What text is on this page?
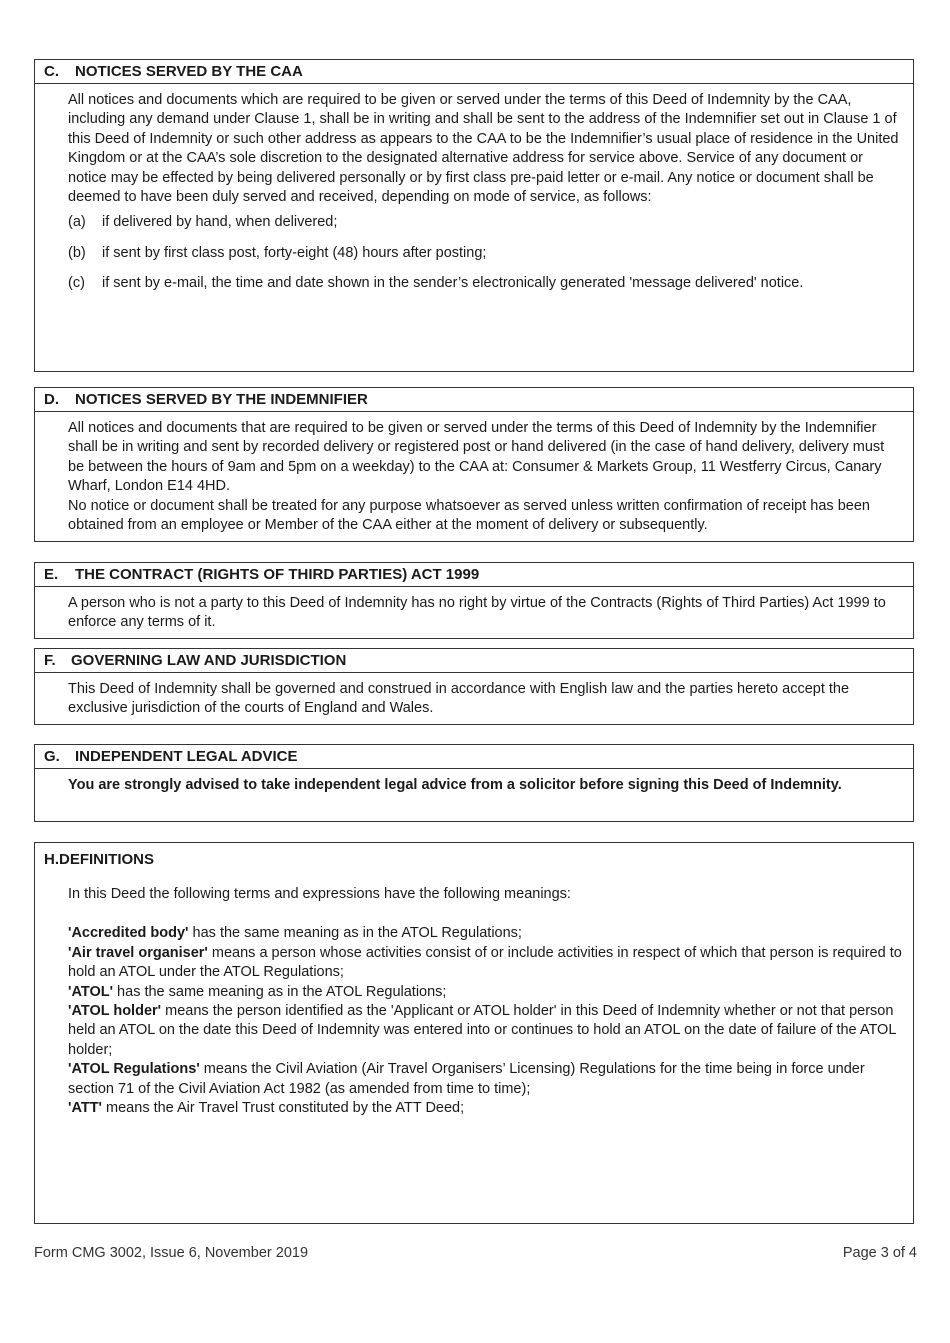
C. NOTICES SERVED BY THE CAA

All notices and documents which are required to be given or served under the terms of this Deed of Indemnity by the CAA, including any demand under Clause 1, shall be in writing and shall be sent to the address of the Indemnifier set out in Clause 1 of this Deed of Indemnity or such other address as appears to the CAA to be the Indemnifier’s usual place of residence in the United Kingdom or at the CAA’s sole discretion to the designated alternative address for service above. Service of any document or notice may be effected by being delivered personally or by first class pre-paid letter or e-mail. Any notice or document shall be deemed to have been duly served and received, depending on mode of service, as follows:

(a)	if delivered by hand, when delivered;
(b)	if sent by first class post, forty-eight (48) hours after posting;
(c)	if sent by e-mail, the time and date shown in the sender’s electronically generated 'message delivered' notice.
D. NOTICES SERVED BY THE INDEMNIFIER

All notices and documents that are required to be given or served under the terms of this Deed of Indemnity by the Indemnifier shall be in writing and sent by recorded delivery or registered post or hand delivered (in the case of hand delivery, delivery must be between the hours of 9am and 5pm on a weekday) to the CAA at: Consumer & Markets Group, 11 Westferry Circus, Canary Wharf, London E14 4HD.

No notice or document shall be treated for any purpose whatsoever as served unless written confirmation of receipt has been obtained from an employee or Member of the CAA either at the moment of delivery or subsequently.

E. THE CONTRACT (RIGHTS OF THIRD PARTIES) ACT 1999

A person who is not a party to this Deed of Indemnity has no right by virtue of the Contracts (Rights of Third Parties) Act 1999 to enforce any terms of it.

F. GOVERNING LAW AND JURISDICTION

This Deed of Indemnity shall be governed and construed in accordance with English law and the parties hereto accept the exclusive jurisdiction of the courts of England and Wales.

G. INDEPENDENT LEGAL ADVICE

You are strongly advised to take independent legal advice from a solicitor before signing this Deed of Indemnity.

H.DEFINITIONS

In this Deed the following terms and expressions have the following meanings:

'Accredited body' has the same meaning as in the ATOL Regulations;

'Air travel organiser' means a person whose activities consist of or include activities in respect of which that person is required to hold an ATOL under the ATOL Regulations;

'ATOL' has the same meaning as in the ATOL Regulations;

'ATOL holder' means the person identified as the 'Applicant or ATOL holder' in this Deed of Indemnity whether or not that person held an ATOL on the date this Deed of Indemnity was entered into or continues to hold an ATOL on the date of failure of the ATOL holder;

'ATOL Regulations' means the Civil Aviation (Air Travel Organisers’ Licensing) Regulations for the time being in force under section 71 of the Civil Aviation Act 1982 (as amended from time to time);

'ATT' means the Air Travel Trust constituted by the ATT Deed;

Form CMG 3002, Issue 6, November 2019	Page 3 of 4
